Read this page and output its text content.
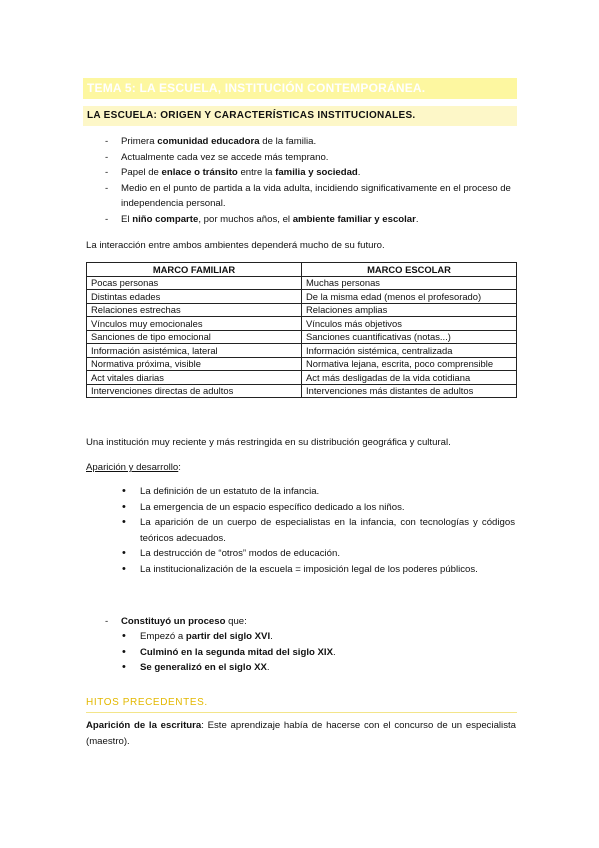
TEMA 5: LA ESCUELA, INSTITUCIÓN CONTEMPORÁNEA.
LA ESCUELA: ORIGEN Y CARACTERÍSTICAS INSTITUCIONALES.
- Primera comunidad educadora de la familia.
- Actualmente cada vez se accede más temprano.
- Papel de enlace o tránsito entre la familia y sociedad.
- Medio en el punto de partida a la vida adulta, incidiendo significativamente en el proceso de independencia personal.
- El niño comparte, por muchos años, el ambiente familiar y escolar.
La interacción entre ambos ambientes dependerá mucho de su futuro.
MARCO FAMILIAR	MARCO ESCOLAR
Pocas personas	Muchas personas
Distintas edades	De la misma edad (menos el profesorado)
Relaciones estrechas	Relaciones amplias
Vínculos muy emocionales	Vínculos más objetivos
Sanciones de tipo emocional	Sanciones cuantificativas (notas...)
Información asistémica, lateral	Información sistémica, centralizada
Normativa próxima, visible	Normativa lejana, escrita, poco comprensible
Act vitales diarias	Act más desligadas de la vida cotidiana
Intervenciones directas de adultos	Intervenciones más distantes de adultos
Una institución muy reciente y más restringida en su distribución geográfica y cultural.
Aparición y desarrollo:
• La definición de un estatuto de la infancia.
• La emergencia de un espacio específico dedicado a los niños.
• La aparición de un cuerpo de especialistas en la infancia, con tecnologías y códigos teóricos adecuados.
• La destrucción de “otros” modos de educación.
• La institucionalización de la escuela = imposición legal de los poderes públicos.
- Constituyó un proceso que:
• Empezó a partir del siglo XVI.
• Culminó en la segunda mitad del siglo XIX.
• Se generalizó en el siglo XX.
HITOS PRECEDENTES.
Aparición de la escritura: Este aprendizaje había de hacerse con el concurso de un especialista (maestro).
